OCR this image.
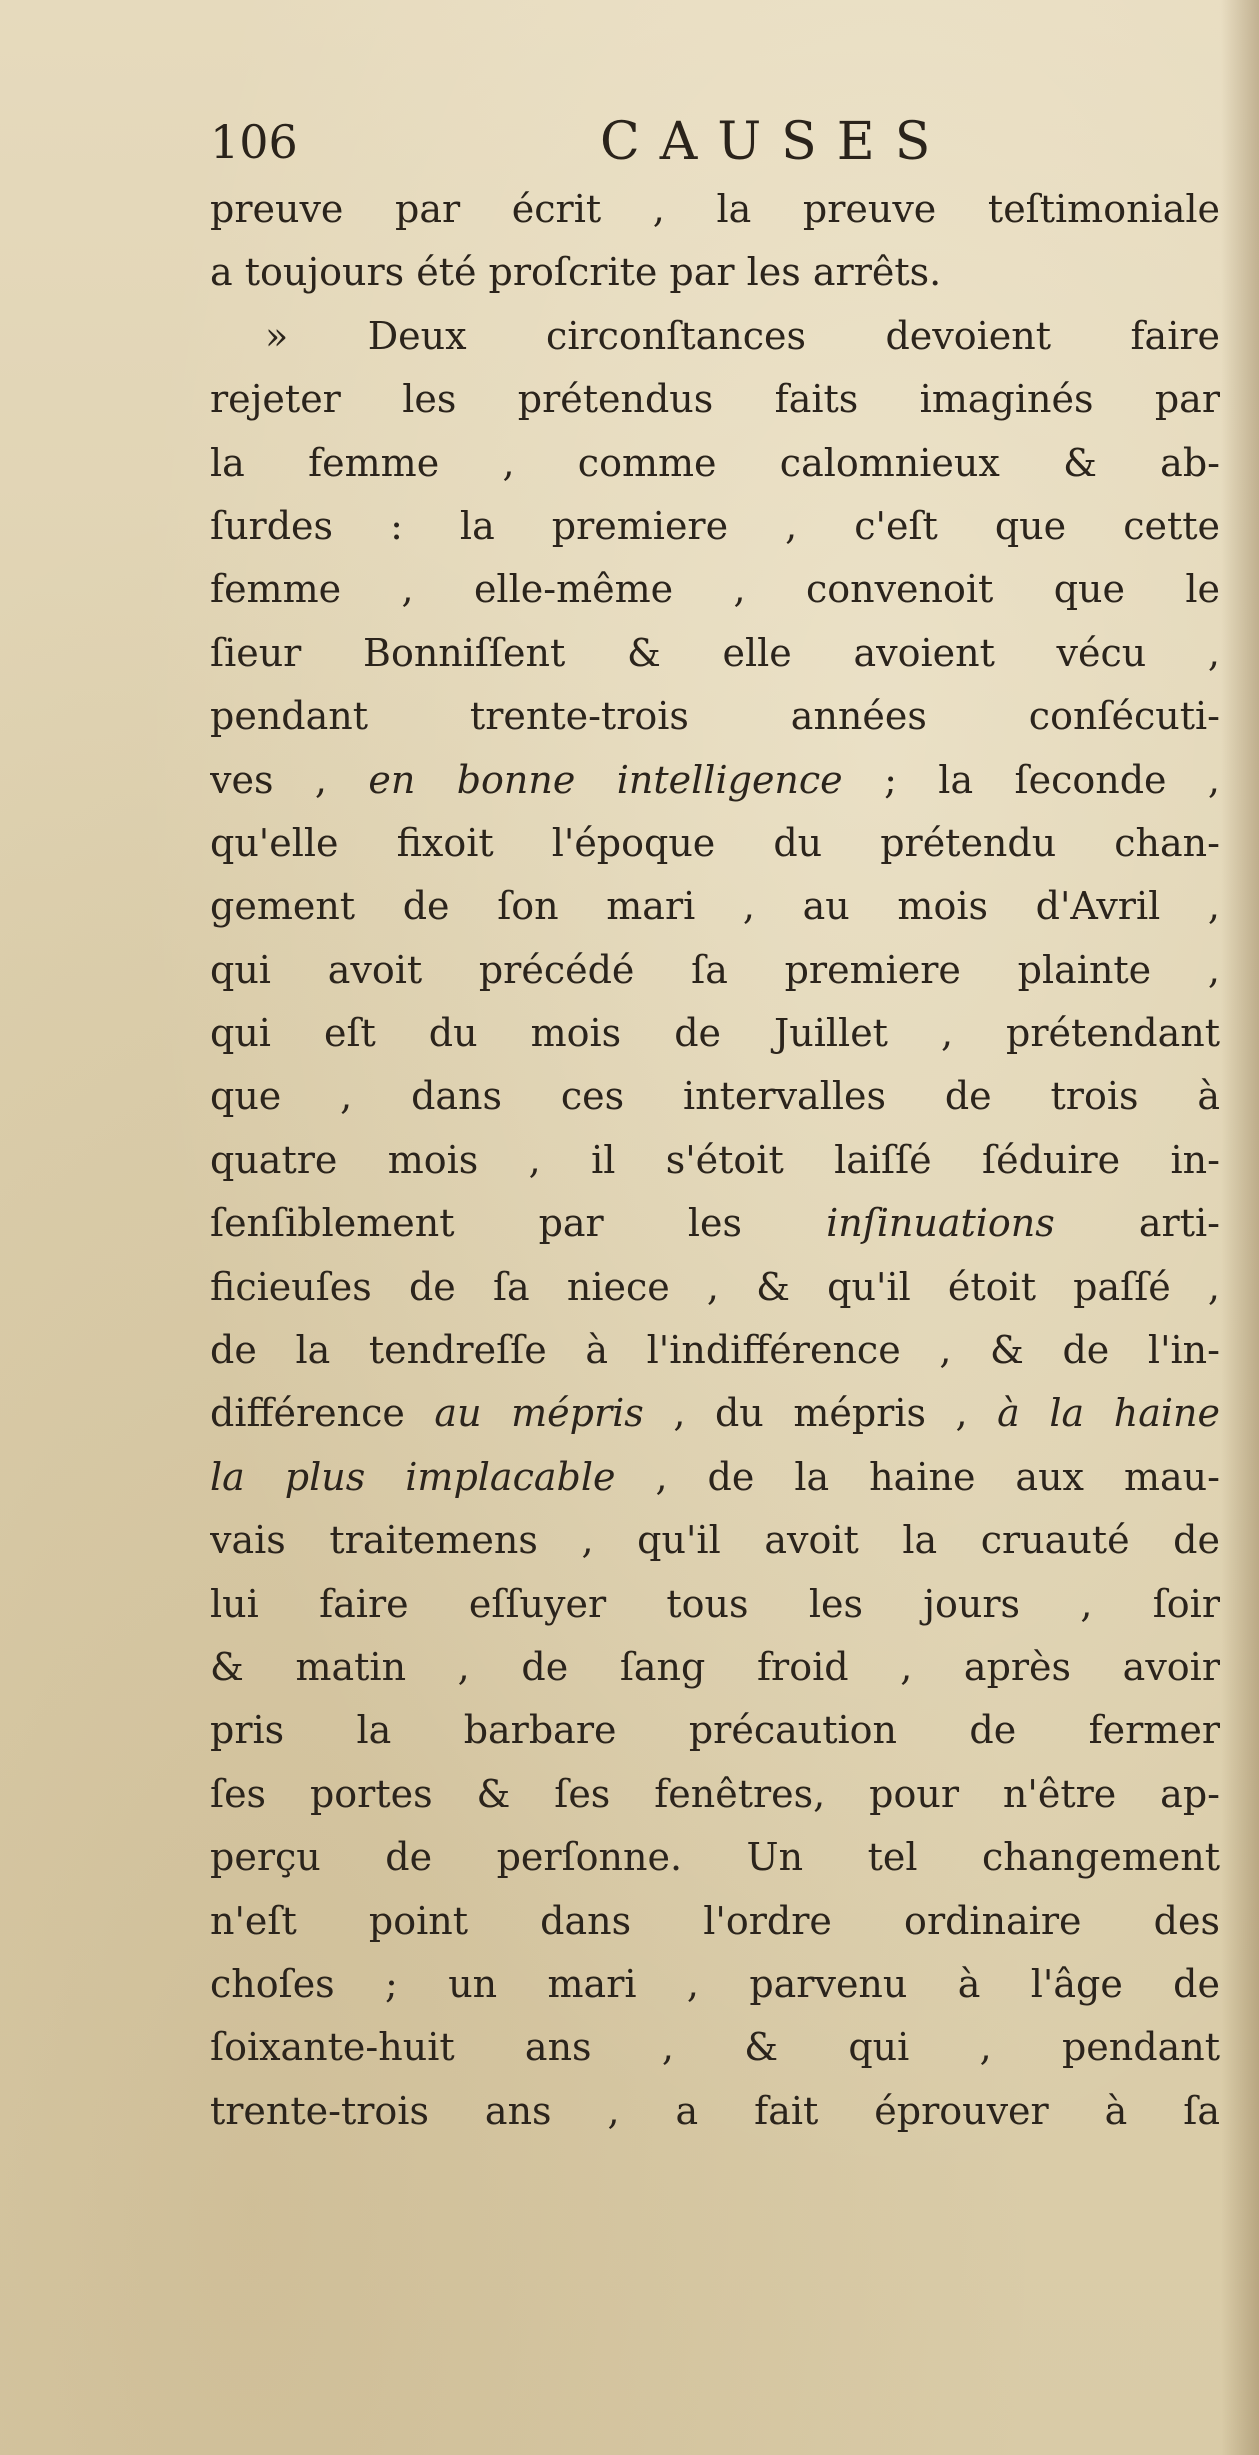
106	CAUSES
preuve par écrit , la preuve teſtimoniale
a toujours été proſcrite par les arrêts.
» Deux circonſtances devoient faire
rejeter les prétendus faits imaginés par
la femme , comme calomnieux & ab-
ſurdes : la premiere , c'eſt que cette
femme , elle-même , convenoit que le
ſieur Bonniſſent & elle avoient vécu ,
pendant trente-trois années conſécuti-
ves , en bonne intelligence ; la ſeconde ,
qu'elle fixoit l'époque du prétendu chan-
gement de ſon mari , au mois d'Avril ,
qui avoit précédé ſa premiere plainte ,
qui eſt du mois de Juillet , prétendant
que , dans ces intervalles de trois à
quatre mois , il s'étoit laiſſé ſéduire in-
ſenſiblement par les inſinuations arti-
ficieuſes de ſa niece , & qu'il étoit paſſé ,
de la tendreſſe à l'indifférence , & de l'in-
différence au mépris , du mépris , à la haine
la plus implacable , de la haine aux mau-
vais traitemens , qu'il avoit la cruauté de
lui faire eſſuyer tous les jours , ſoir
& matin , de ſang froid , après avoir
pris la barbare précaution de fermer
ſes portes & ſes fenêtres, pour n'être ap-
perçu de perſonne. Un tel changement
n'eſt point dans l'ordre ordinaire des
choſes ; un mari , parvenu à l'âge de
ſoixante-huit ans , & qui , pendant
trente-trois ans , a fait éprouver à ſa
